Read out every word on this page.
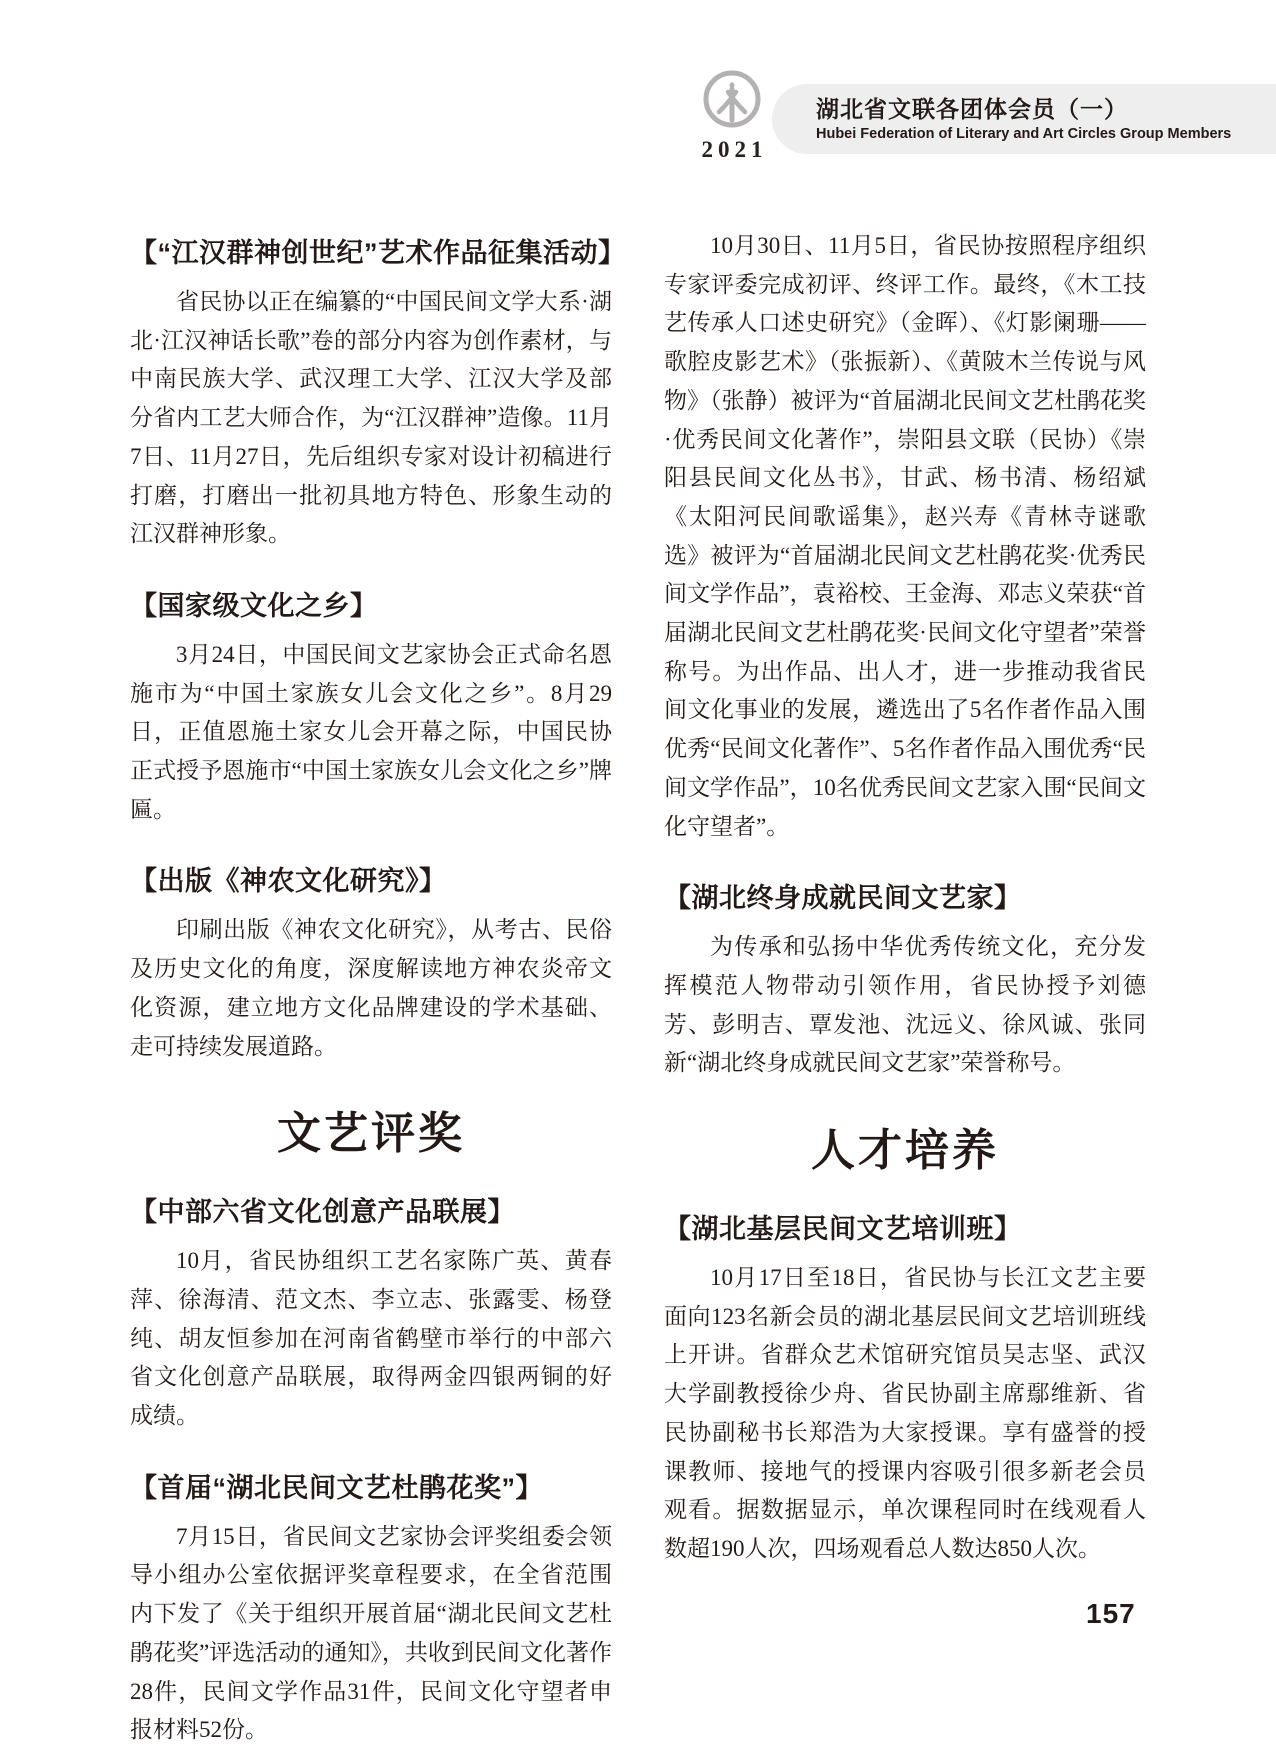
2021
湖北省文联各团体会员（一）
Hubei Federation of Literary and Art Circles Group Members
【“江汉群神创世纪”艺术作品征集活动】

省民协以正在编纂的“中国民间文学大系·湖北·江汉神话长歌”卷的部分内容为创作素材，与中南民族大学、武汉理工大学、江汉大学及部分省内工艺大师合作，为“江汉群神”造像。11月7日、11月27日，先后组织专家对设计初稿进行打磨，打磨出一批初具地方特色、形象生动的江汉群神形象。

【国家级文化之乡】

3月24日，中国民间文艺家协会正式命名恩施市为“中国土家族女儿会文化之乡”。8月29日，正值恩施土家女儿会开幕之际，中国民协正式授予恩施市“中国土家族女儿会文化之乡”牌匾。

【出版《神农文化研究》】

印刷出版《神农文化研究》，从考古、民俗及历史文化的角度，深度解读地方神农炎帝文化资源，建立地方文化品牌建设的学术基础、走可持续发展道路。

文艺评奖
【中部六省文化创意产品联展】

10月，省民协组织工艺名家陈广英、黄春萍、徐海清、范文杰、李立志、张露雯、杨登纯、胡友恒参加在河南省鹤壁市举行的中部六省文化创意产品联展，取得两金四银两铜的好成绩。

【首届“湖北民间文艺杜鹃花奖”】

7月15日，省民间文艺家协会评奖组委会领导小组办公室依据评奖章程要求，在全省范围内下发了《关于组织开展首届“湖北民间文艺杜鹃花奖”评选活动的通知》，共收到民间文化著作28件，民间文学作品31件，民间文化守望者申报材料52份。

10月30日、11月5日，省民协按照程序组织专家评委完成初评、终评工作。最终，《木工技艺传承人口述史研究》（金晖）、《灯影阑珊——歌腔皮影艺术》（张振新）、《黄陂木兰传说与风物》（张静）被评为“首届湖北民间文艺杜鹃花奖·优秀民间文化著作”，崇阳县文联（民协）《崇阳县民间文化丛书》，甘武、杨书清、杨绍斌《太阳河民间歌谣集》，赵兴寿《青林寺谜歌选》被评为“首届湖北民间文艺杜鹃花奖·优秀民间文学作品”，袁裕校、王金海、邓志义荣获“首届湖北民间文艺杜鹃花奖·民间文化守望者”荣誉称号。为出作品、出人才，进一步推动我省民间文化事业的发展，遴选出了5名作者作品入围优秀“民间文化著作”、5名作者作品入围优秀“民间文学作品”，10名优秀民间文艺家入围“民间文化守望者”。

【湖北终身成就民间文艺家】

为传承和弘扬中华优秀传统文化，充分发挥模范人物带动引领作用，省民协授予刘德芳、彭明吉、覃发池、沈远义、徐风诚、张同新“湖北终身成就民间文艺家”荣誉称号。

人才培养
【湖北基层民间文艺培训班】

10月17日至18日，省民协与长江文艺主要面向123名新会员的湖北基层民间文艺培训班线上开讲。省群众艺术馆研究馆员吴志坚、武汉大学副教授徐少舟、省民协副主席鄢维新、省民协副秘书长郑浩为大家授课。享有盛誉的授课教师、接地气的授课内容吸引很多新老会员观看。据数据显示，单次课程同时在线观看人数超190人次，四场观看总人数达850人次。

157
